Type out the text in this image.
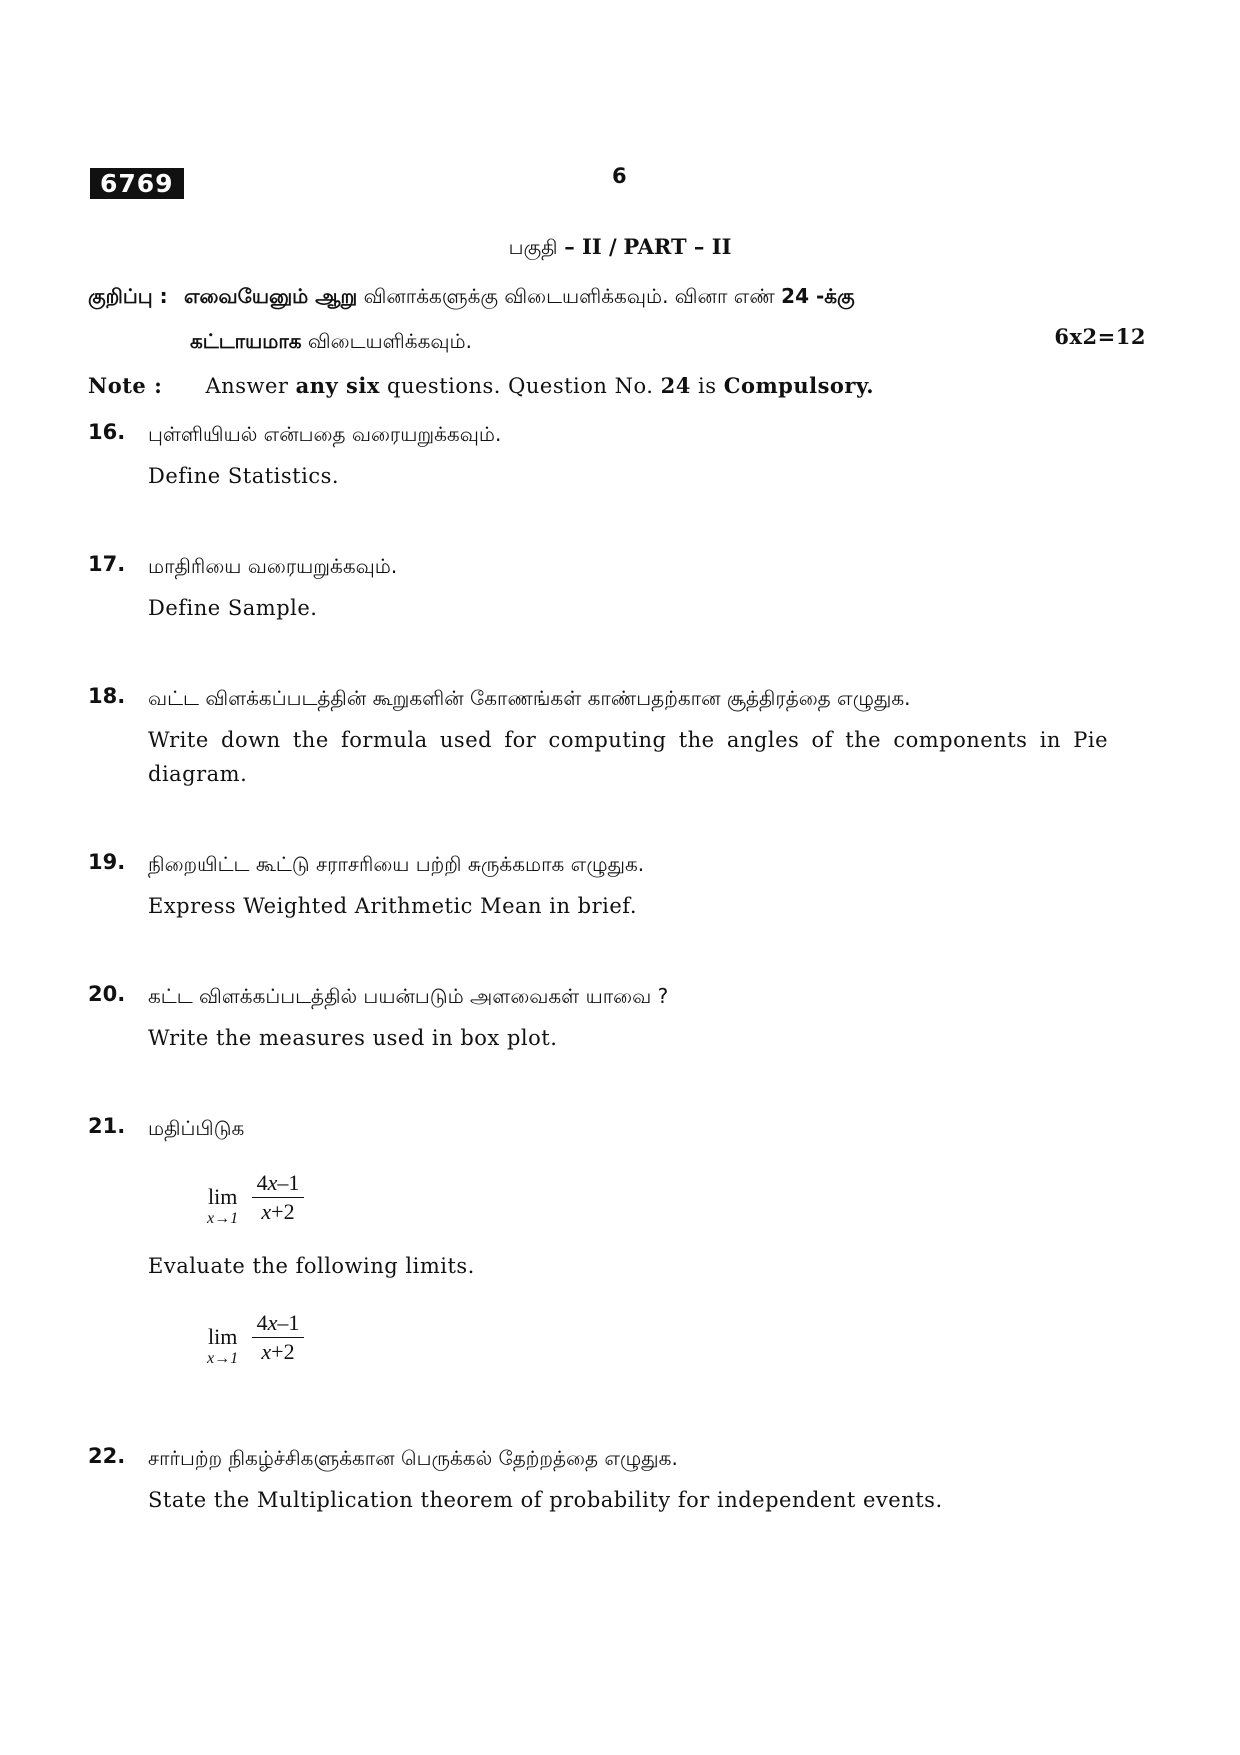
6769	6
பகுதி – II / PART – II
குறிப்பு : எவையேனும் ஆறு வினாக்களுக்கு விடையளிக்கவும். வினா எண் 24 -க்கு
கட்டாயமாக விடையளிக்கவும்.	6x2=12
Note : Answer any six questions. Question No. 24 is Compulsory.
16. புள்ளியியல் என்பதை வரையறுக்கவும்.
Define Statistics.
17. மாதிரியை வரையறுக்கவும்.
Define Sample.
18. வட்ட விளக்கப்படத்தின் கூறுகளின் கோணங்கள் காண்பதற்கான சூத்திரத்தை எழுதுக.
Write down the formula used for computing the angles of the components in Pie
diagram.
19. நிறையிட்ட கூட்டு சராசரியை பற்றி சுருக்கமாக எழுதுக.
Express Weighted Arithmetic Mean in brief.
20. கட்ட விளக்கப்படத்தில் பயன்படும் அளவைகள் யாவை ?
Write the measures used in box plot.
21. மதிப்பிடுக
lim
$x\to 1 \frac{4x-1}{x+2}$
Evaluate the following limits.
lim
$x\to 1 \frac{4x-1}{x+2}$
22. சார்பற்ற நிகழ்ச்சிகளுக்கான பெருக்கல் தேற்றத்தை எழுதுக.
State the Multiplication theorem of probability for independent events.
